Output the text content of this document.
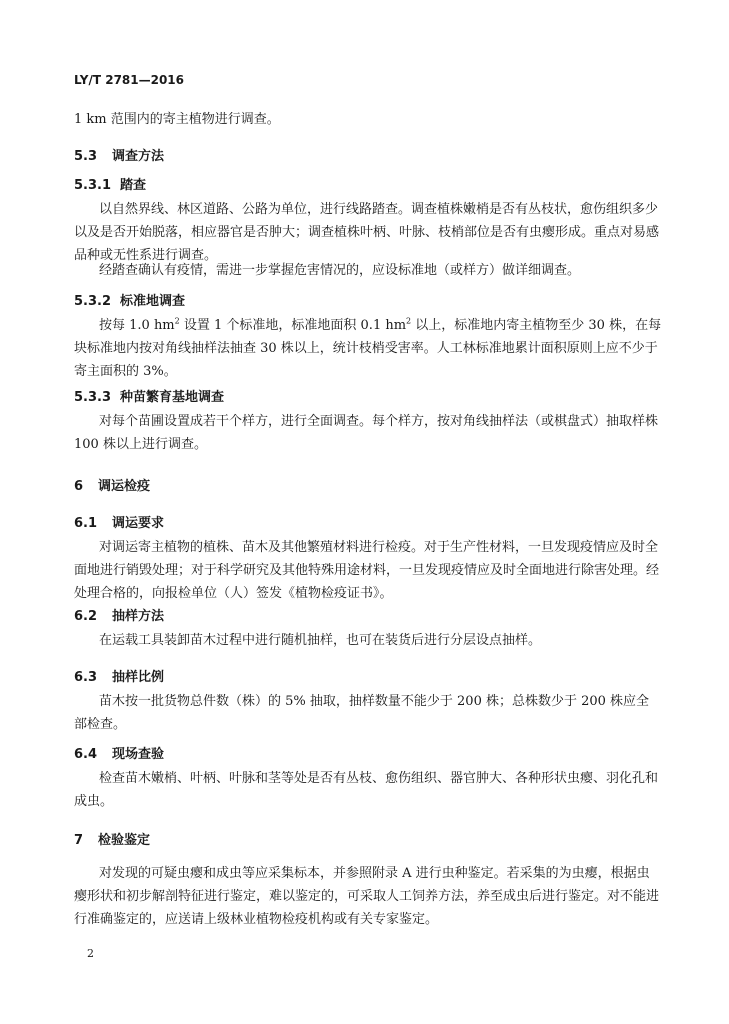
LY/T 2781—2016
1 km 范围内的寄主植物进行调查。
5.3 调查方法
5.3.1 踏查
以自然界线、林区道路、公路为单位，进行线路踏查。调查植株嫩梢是否有丛枝状，愈伤组织多少以及是否开始脱落，相应器官是否肿大；调查植株叶柄、叶脉、枝梢部位是否有虫瘿形成。重点对易感品种或无性系进行调查。
经踏查确认有疫情，需进一步掌握危害情况的，应设标准地（或样方）做详细调查。
5.3.2 标准地调查
按每 1.0 $hm^2$ 设置 1 个标准地，标准地面积 0.1 $hm^2$ 以上，标准地内寄主植物至少 30 株，在每块标准地内按对角线抽样法抽查 30 株以上，统计枝梢受害率。人工林标准地累计面积原则上应不少于寄主面积的 3%。
5.3.3 种苗繁育基地调查
对每个苗圃设置成若干个样方，进行全面调查。每个样方，按对角线抽样法（或棋盘式）抽取样株 100 株以上进行调查。
6 调运检疫
6.1 调运要求
对调运寄主植物的植株、苗木及其他繁殖材料进行检疫。对于生产性材料，一旦发现疫情应及时全面地进行销毁处理；对于科学研究及其他特殊用途材料，一旦发现疫情应及时全面地进行除害处理。经处理合格的，向报检单位（人）签发《植物检疫证书》。
6.2 抽样方法
在运载工具装卸苗木过程中进行随机抽样，也可在装货后进行分层设点抽样。
6.3 抽样比例
苗木按一批货物总件数（株）的 5% 抽取，抽样数量不能少于 200 株；总株数少于 200 株应全部检查。
6.4 现场查验
检查苗木嫩梢、叶柄、叶脉和茎等处是否有丛枝、愈伤组织、器官肿大、各种形状虫瘿、羽化孔和成虫。
7 检验鉴定
对发现的可疑虫瘿和成虫等应采集标本，并参照附录 A 进行虫种鉴定。若采集的为虫瘿，根据虫瘿形状和初步解剖特征进行鉴定，难以鉴定的，可采取人工饲养方法，养至成虫后进行鉴定。对不能进行准确鉴定的，应送请上级林业植物检疫机构或有关专家鉴定。
2
